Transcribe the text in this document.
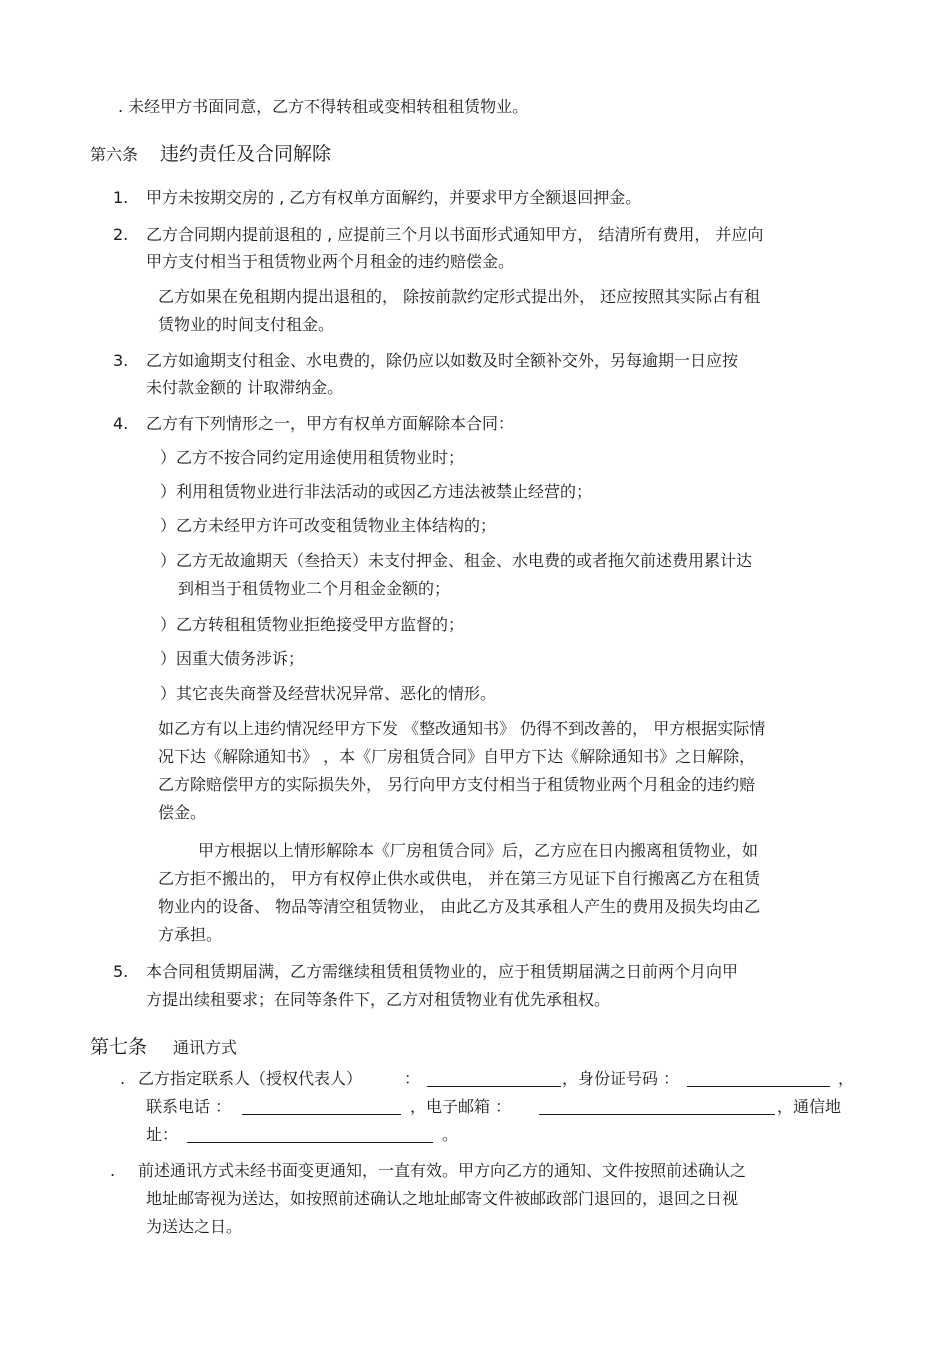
. 未经甲方书面同意，乙方不得转租或变相转租租赁物业。
第六条 违约责任及合同解除
1. 甲方未按期交房的 , 乙方有权单方面解约，并要求甲方全额退回押金。
2. 乙方合同期内提前退租的 , 应提前三个月以书面形式通知甲方， 结清所有费用， 并应向
甲方支付相当于租赁物业两个月租金的违约赔偿金。
乙方如果在免租期内提出退租的， 除按前款约定形式提出外， 还应按照其实际占有租
赁物业的时间支付租金。
3. 乙方如逾期支付租金、水电费的，除仍应以如数及时全额补交外，另每逾期一日应按
未付款金额的 计取滞纳金。
4. 乙方有下列情形之一，甲方有权单方面解除本合同：
）乙方不按合同约定用途使用租赁物业时；
）利用租赁物业进行非法活动的或因乙方违法被禁止经营的；
）乙方未经甲方许可改变租赁物业主体结构的；
）乙方无故逾期天（叁拾天）未支付押金、租金、水电费的或者拖欠前述费用累计达
到相当于租赁物业二个月租金金额的；
）乙方转租租赁物业拒绝接受甲方监督的；
）因重大债务涉诉；
）其它丧失商誉及经营状况异常、恶化的情形。
如乙方有以上违约情况经甲方下发 《整改通知书》 仍得不到改善的， 甲方根据实际情
况下达《解除通知书》 ，本《厂房租赁合同》自甲方下达《解除通知书》之日解除，
乙方除赔偿甲方的实际损失外， 另行向甲方支付相当于租赁物业两个月租金的违约赔
偿金。
甲方根据以上情形解除本《厂房租赁合同》后，乙方应在日内搬离租赁物业，如
乙方拒不搬出的， 甲方有权停止供水或供电， 并在第三方见证下自行搬离乙方在租赁
物业内的设备、 物品等清空租赁物业， 由此乙方及其承租人产生的费用及损失均由乙
方承担。
5. 本合同租赁期届满，乙方需继续租赁租赁物业的，应于租赁期届满之日前两个月向甲
方提出续租要求；在同等条件下，乙方对租赁物业有优先承租权。
第七条 通讯方式
. 乙方指定联系人（授权代表人）	：	，身份证号码 ：	，
联系电话 ：	，电子邮箱 ：	，通信地
址：	。
. 前述通讯方式未经书面变更通知，一直有效。甲方向乙方的通知、文件按照前述确认之
地址邮寄视为送达，如按照前述确认之地址邮寄文件被邮政部门退回的，退回之日视
为送达之日。
